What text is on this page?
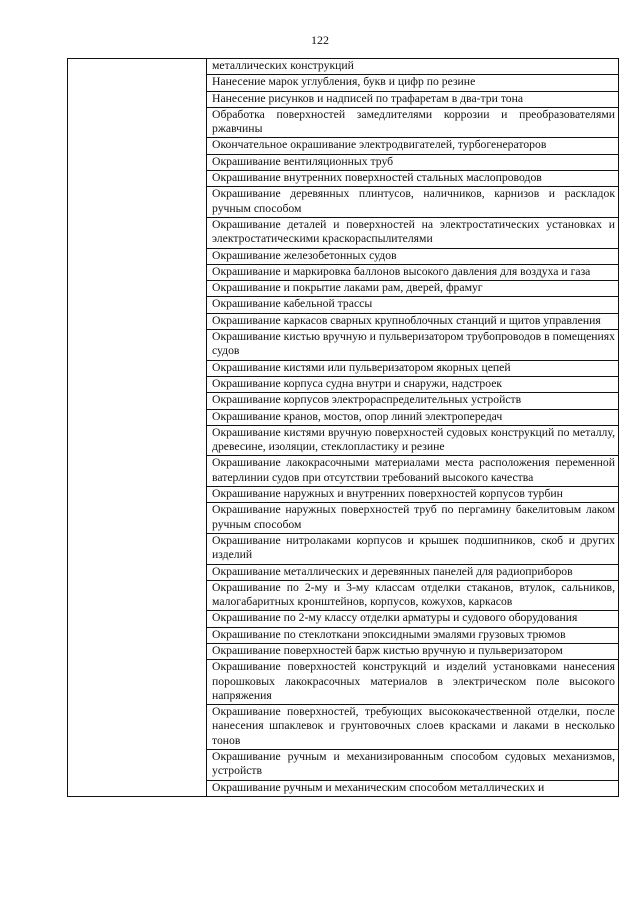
122

металлических конструкций
Нанесение марок углубления, букв и цифр по резине
Нанесение рисунков и надписей по трафаретам в два-три тона
Обработка поверхностей замедлителями коррозии и преобразователями ржавчины
Окончательное окрашивание электродвигателей, турбогенераторов
Окрашивание вентиляционных труб
Окрашивание внутренних поверхностей стальных маслопроводов
Окрашивание деревянных плинтусов, наличников, карнизов и раскладок ручным способом
Окрашивание деталей и поверхностей на электростатических установках и электростатическими краскораспылителями
Окрашивание железобетонных судов
Окрашивание и маркировка баллонов высокого давления для воздуха и газа
Окрашивание и покрытие лаками рам, дверей, фрамуг
Окрашивание кабельной трассы
Окрашивание каркасов сварных крупноблочных станций и щитов управления
Окрашивание кистью вручную и пульверизатором трубопроводов в помещениях судов
Окрашивание кистями или пульверизатором якорных цепей
Окрашивание корпуса судна внутри и снаружи, надстроек
Окрашивание корпусов электрораспределительных устройств
Окрашивание кранов, мостов, опор линий электропередач
Окрашивание кистями вручную поверхностей судовых конструкций по металлу, древесине, изоляции, стеклопластику и резине
Окрашивание лакокрасочными материалами места расположения переменной ватерлинии судов при отсутствии требований высокого качества
Окрашивание наружных и внутренних поверхностей корпусов турбин
Окрашивание наружных поверхностей труб по пергамину бакелитовым лаком ручным способом
Окрашивание нитролаками корпусов и крышек подшипников, скоб и других изделий
Окрашивание металлических и деревянных панелей для радиоприборов
Окрашивание по 2-му и 3-му классам отделки стаканов, втулок, сальников, малогабаритных кронштейнов, корпусов, кожухов, каркасов
Окрашивание по 2-му классу отделки арматуры и судового оборудования
Окрашивание по стеклоткани эпоксидными эмалями грузовых трюмов
Окрашивание поверхностей барж кистью вручную и пульверизатором
Окрашивание поверхностей конструкций и изделий установками нанесения порошковых лакокрасочных материалов в электрическом поле высокого напряжения
Окрашивание поверхностей, требующих высококачественной отделки, после нанесения шпаклевок и грунтовочных слоев красками и лаками в несколько тонов
Окрашивание ручным и механизированным способом судовых механизмов, устройств
Окрашивание ручным и механическим способом металлических и
